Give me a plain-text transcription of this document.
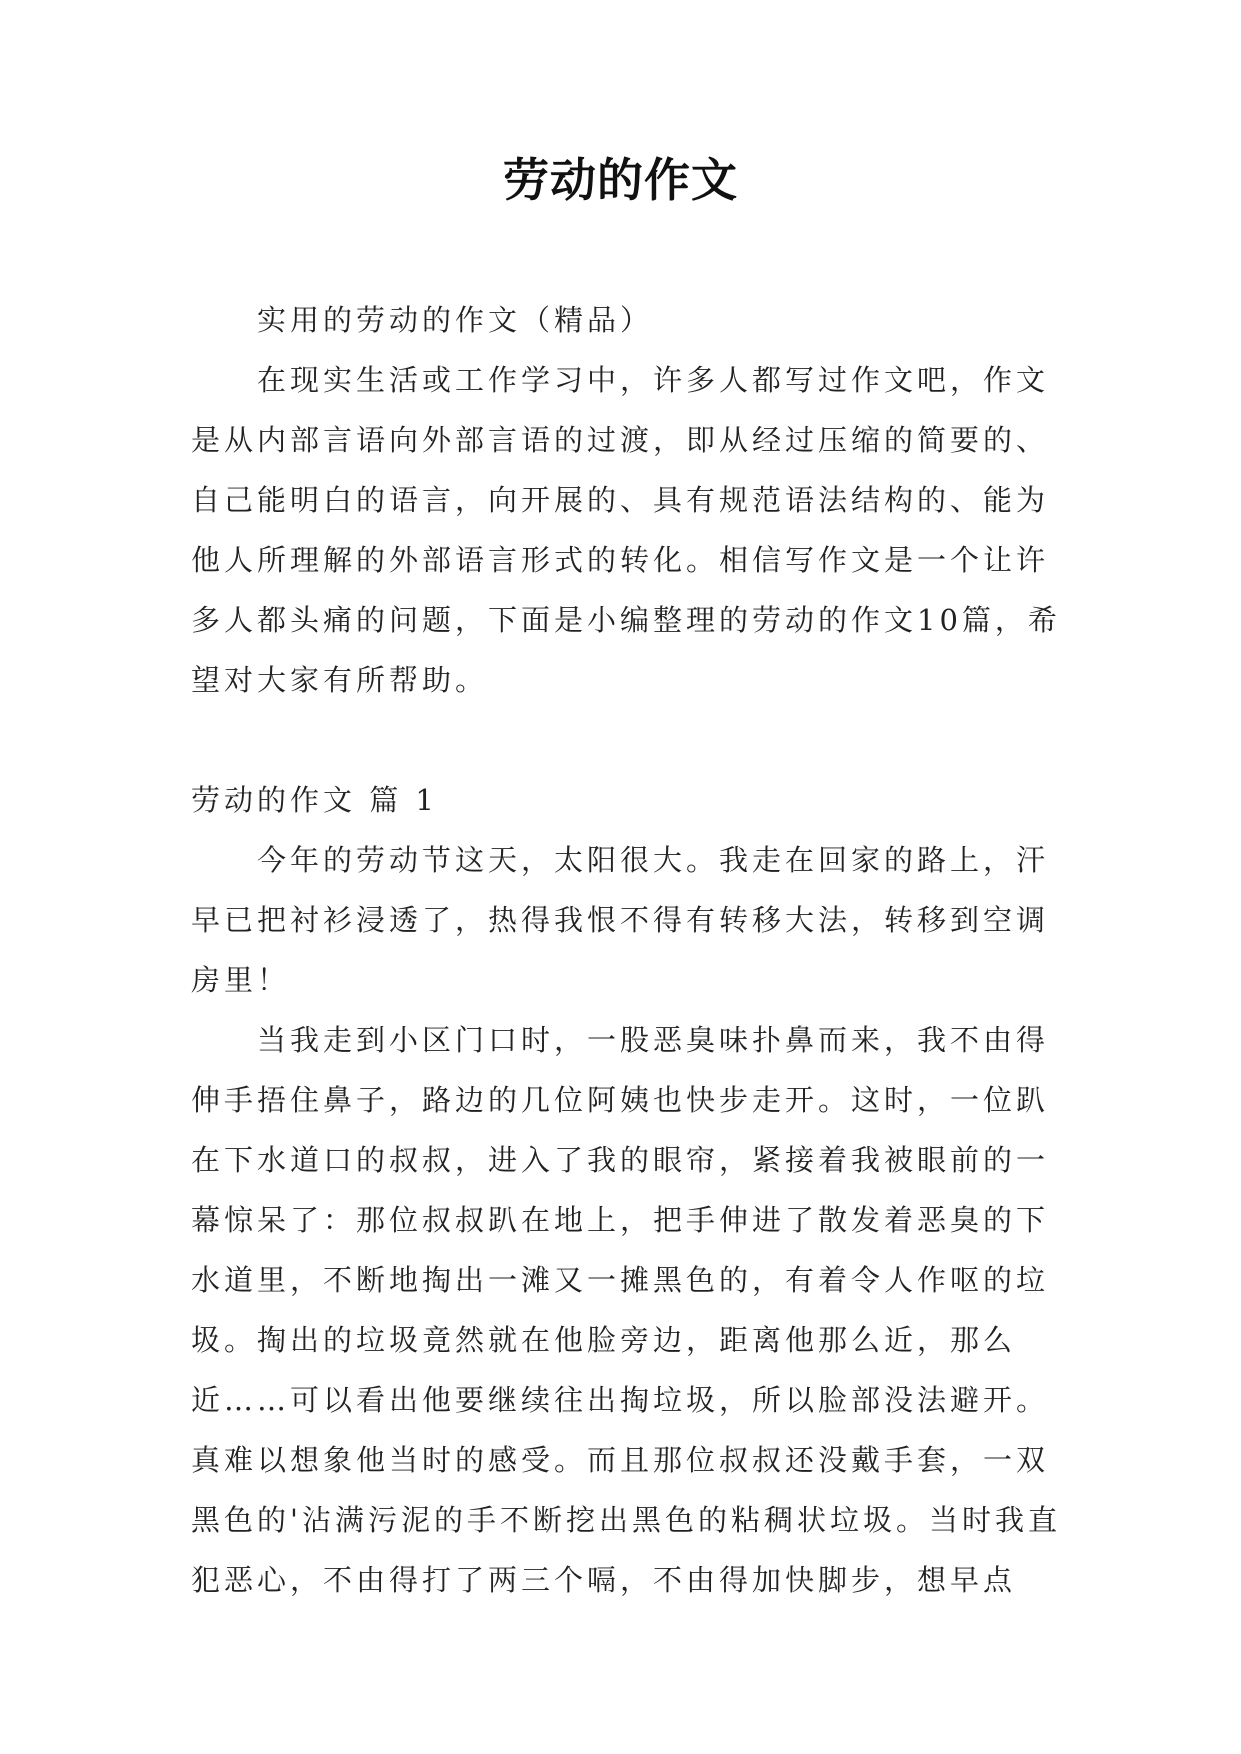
劳动的作文

实用的劳动的作文（精品）

在现实生活或工作学习中，许多人都写过作文吧，作文是从内部言语向外部言语的过渡，即从经过压缩的简要的、自己能明白的语言，向开展的、具有规范语法结构的、能为他人所理解的外部语言形式的转化。相信写作文是一个让许多人都头痛的问题，下面是小编整理的劳动的作文10篇，希望对大家有所帮助。

劳动的作文 篇 1

今年的劳动节这天，太阳很大。我走在回家的路上，汗早已把衬衫浸透了，热得我恨不得有转移大法，转移到空调房里！

当我走到小区门口时，一股恶臭味扑鼻而来，我不由得伸手捂住鼻子，路边的几位阿姨也快步走开。这时，一位趴在下水道口的叔叔，进入了我的眼帘，紧接着我被眼前的一幕惊呆了：那位叔叔趴在地上，把手伸进了散发着恶臭的下水道里，不断地掏出一滩又一摊黑色的，有着令人作呕的垃圾。掏出的垃圾竟然就在他脸旁边，距离他那么近，那么近……可以看出他要继续往出掏垃圾，所以脸部没法避开。真难以想象他当时的感受。而且那位叔叔还没戴手套，一双黑色的'沾满污泥的手不断挖出黑色的粘稠状垃圾。当时我直犯恶心，不由得打了两三个嗝，不由得加快脚步，想早点
